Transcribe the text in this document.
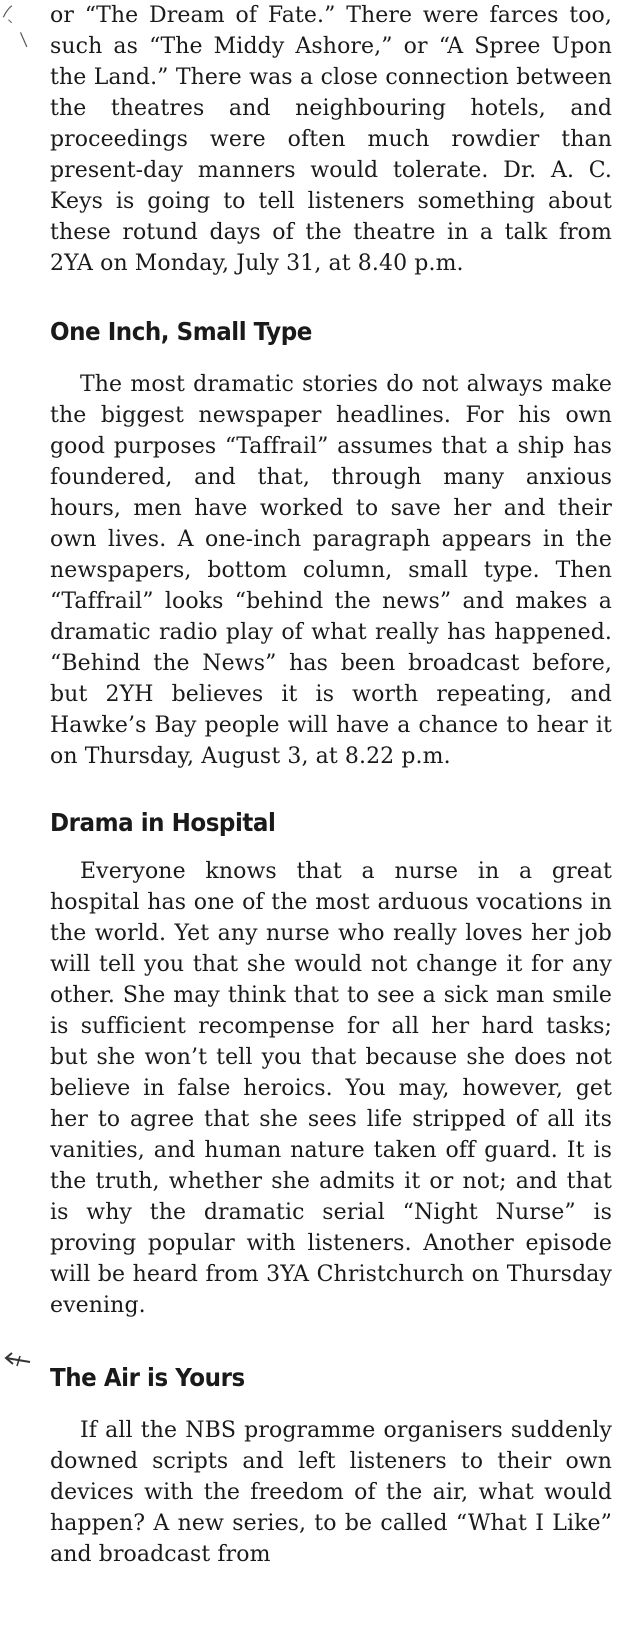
or “The Dream of Fate.” There were farces too, such as “The Middy Ashore,” or “A Spree Upon the Land.” There was a close connection between the theatres and neighbouring hotels, and proceedings were often much rowdier than present-day manners would tolerate. Dr. A. C. Keys is going to tell listeners something about these rotund days of the theatre in a talk from 2YA on Monday, July 31, at 8.40 p.m.

One Inch, Small Type

The most dramatic stories do not always make the biggest newspaper headlines. For his own good purposes “Taffrail” assumes that a ship has foundered, and that, through many anxious hours, men have worked to save her and their own lives. A one-inch paragraph appears in the newspapers, bottom column, small type. Then “Taffrail” looks “behind the news” and makes a dramatic radio play of what really has happened. “Behind the News” has been broadcast before, but 2YH believes it is worth repeating, and Hawke’s Bay people will have a chance to hear it on Thursday, August 3, at 8.22 p.m.

Drama in Hospital

Everyone knows that a nurse in a great hospital has one of the most arduous vocations in the world. Yet any nurse who really loves her job will tell you that she would not change it for any other. She may think that to see a sick man smile is sufficient recompense for all her hard tasks; but she won’t tell you that because she does not believe in false heroics. You may, however, get her to agree that she sees life stripped of all its vanities, and human nature taken off guard. It is the truth, whether she admits it or not; and that is why the dramatic serial “Night Nurse” is proving popular with listeners. Another episode will be heard from 3YA Christchurch on Thursday evening.

The Air is Yours

If all the NBS programme organisers suddenly downed scripts and left listeners to their own devices with the freedom of the air, what would happen? A new series, to be called “What I Like” and broadcast from
